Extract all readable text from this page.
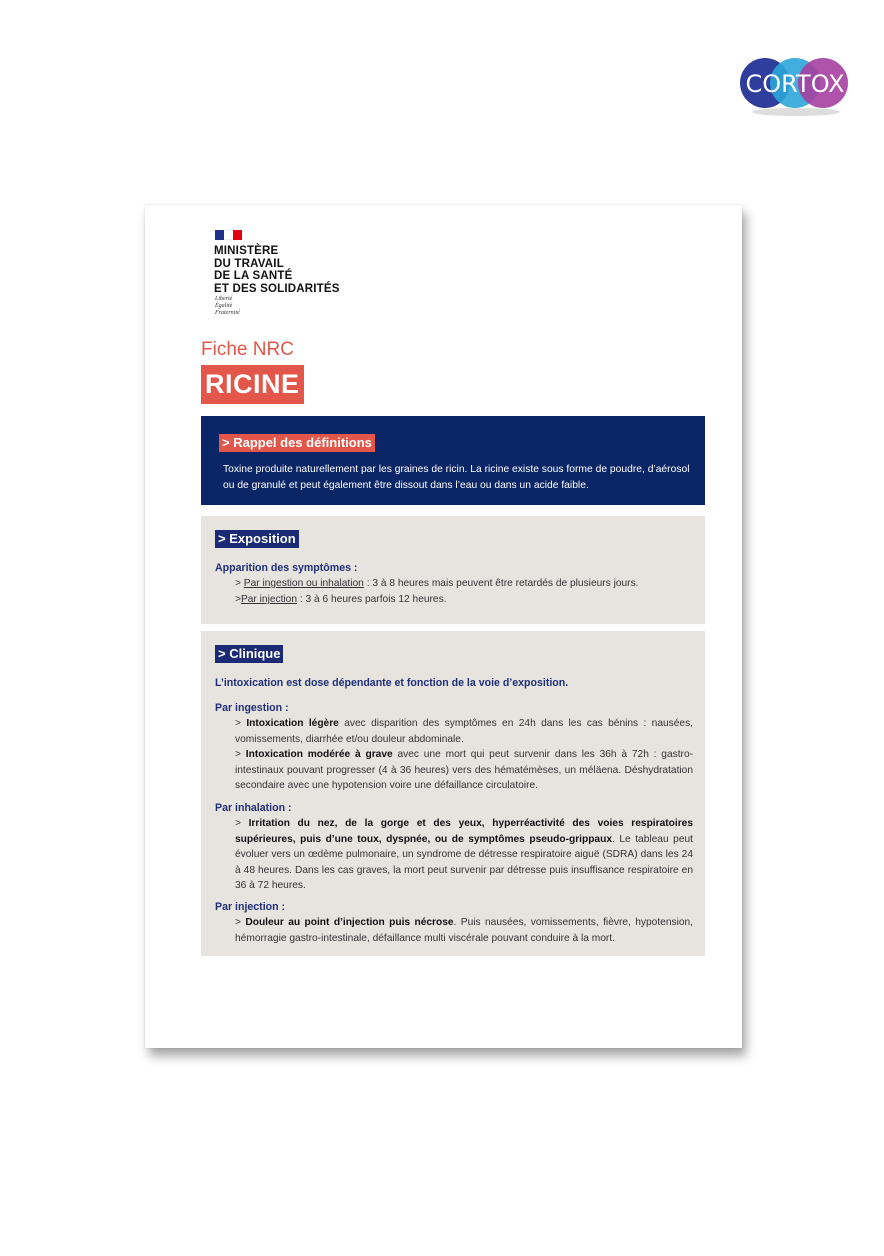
CORTOX
MINISTÈRE
DU TRAVAIL
DE LA SANTÉ
ET DES SOLIDARITÉS
Liberté
Égalité
Fraternité
Fiche NRC
RICINE
> Rappel des définitions
Toxine produite naturellement par les graines de ricin. La ricine existe sous forme de poudre, d’aérosol ou de granulé et peut également être dissout dans l’eau ou dans un acide faible.
> Exposition
Apparition des symptômes :
> Par ingestion ou inhalation : 3 à 8 heures mais peuvent être retardés de plusieurs jours.
>Par injection : 3 à 6 heures parfois 12 heures.
> Clinique
L’intoxication est dose dépendante et fonction de la voie d’exposition.
Par ingestion :
> Intoxication légère avec disparition des symptômes en 24h dans les cas bénins : nausées, vomissements, diarrhée et/ou douleur abdominale.
> Intoxication modérée à grave avec une mort qui peut survenir dans les 36h à 72h : gastro-intestinaux pouvant progresser (4 à 36 heures) vers des hématémèses, un méläena. Déshydratation secondaire avec une hypotension voire une défaillance circulatoire.
Par inhalation :
> Irritation du nez, de la gorge et des yeux, hyperréactivité des voies respiratoires supérieures, puis d’une toux, dyspnée, ou de symptômes pseudo-grippaux. Le tableau peut évoluer vers un œdème pulmonaire, un syndrome de détresse respiratoire aiguë (SDRA) dans les 24 à 48 heures. Dans les cas graves, la mort peut survenir par détresse puis insuffisance respiratoire en 36 à 72 heures.
Par injection :
> Douleur au point d’injection puis nécrose. Puis nausées, vomissements, fièvre, hypotension, hémorragie gastro-intestinale, défaillance multi viscérale pouvant conduire à la mort.
